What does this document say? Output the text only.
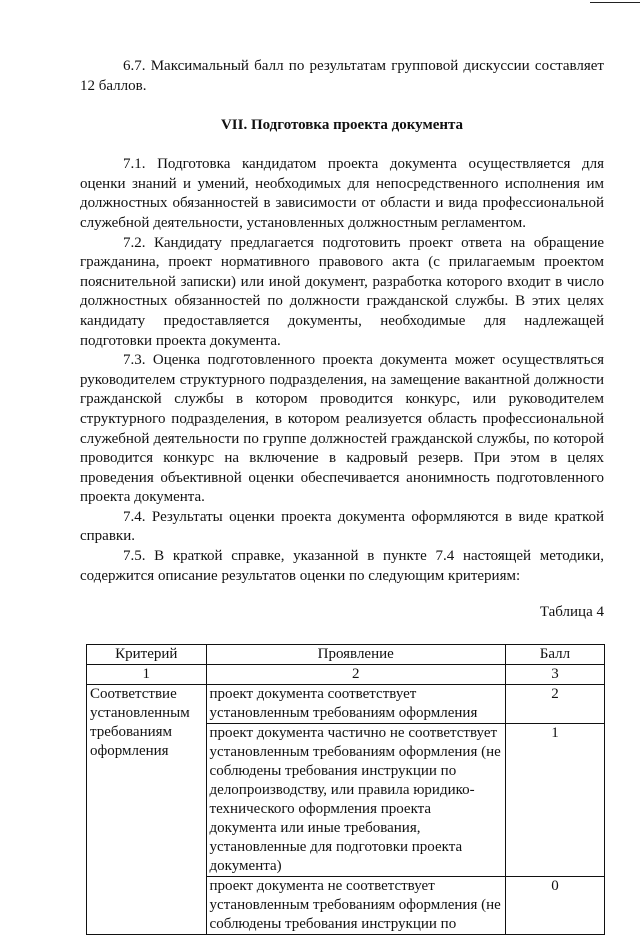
6.7. Максимальный балл по результатам групповой дискуссии составляет 12 баллов.

VII. Подготовка проекта документа

7.1. Подготовка кандидатом проекта документа осуществляется для оценки знаний и умений, необходимых для непосредственного исполнения им должностных обязанностей в зависимости от области и вида профессиональной служебной деятельности, установленных должностным регламентом.

7.2. Кандидату предлагается подготовить проект ответа на обращение гражданина, проект нормативного правового акта (с прилагаемым проектом пояснительной записки) или иной документ, разработка которого входит в число должностных обязанностей по должности гражданской службы. В этих целях кандидату предоставляется документы, необходимые для надлежащей подготовки проекта документа.

7.3. Оценка подготовленного проекта документа может осуществляться руководителем структурного подразделения, на замещение вакантной должности гражданской службы в котором проводится конкурс, или руководителем структурного подразделения, в котором реализуется область профессиональной служебной деятельности по группе должностей гражданской службы, по которой проводится конкурс на включение в кадровый резерв. При этом в целях проведения объективной оценки обеспечивается анонимность подготовленного проекта документа.

7.4. Результаты оценки проекта документа оформляются в виде краткой справки.

7.5. В краткой справке, указанной в пункте 7.4 настоящей методики, содержится описание результатов оценки по следующим критериям:

Таблица 4
Критерий	Проявление	Балл
1	2	3
Соответствие установленным требованиям оформления	проект документа соответствует установленным требованиям оформления	2
	проект документа частично не соответствует установленным требованиям оформления (не соблюдены требования инструкции по делопроизводству, или правила юридико-технического оформления проекта документа или иные требования, установленные для подготовки проекта документа)	1
	проект документа не соответствует установленным требованиям оформления (не соблюдены требования инструкции по	0
